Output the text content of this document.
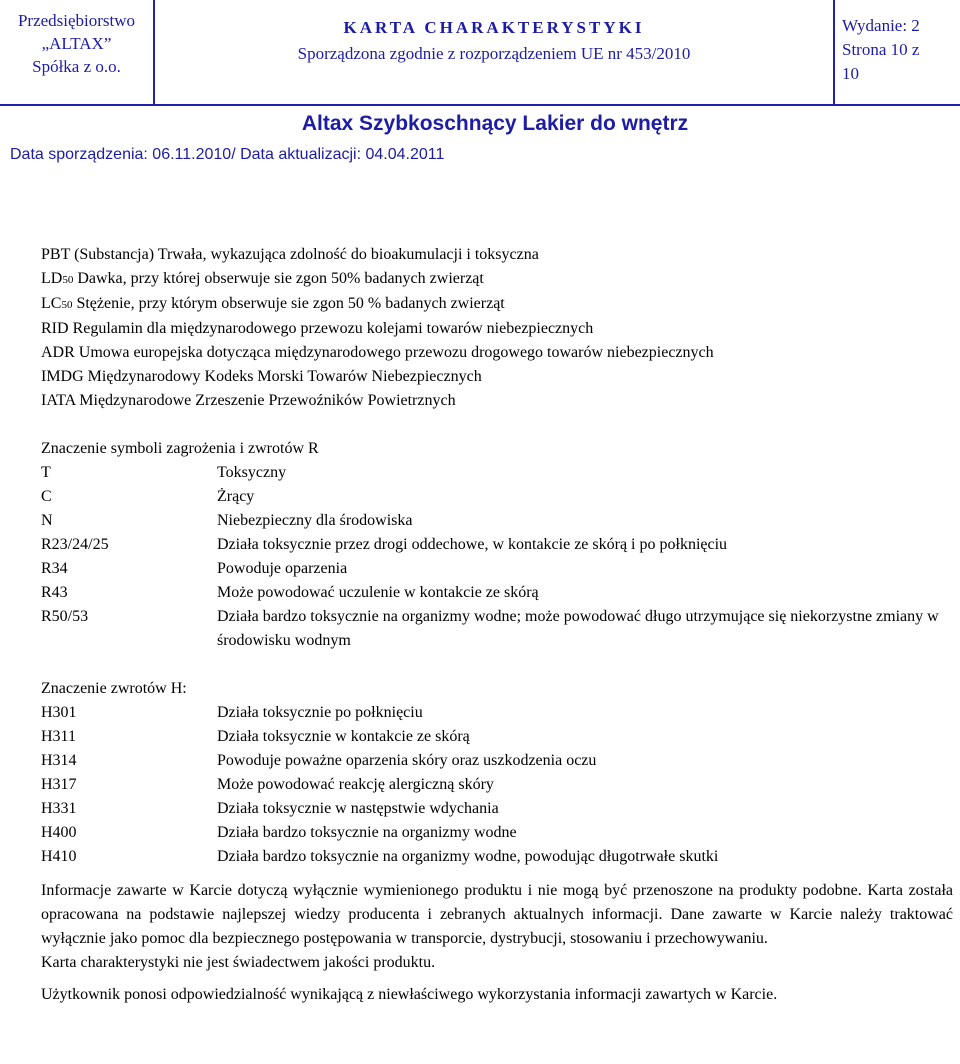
Przedsiębiorstwo
„ALTAX”
Spółka z o.o.
KARTA CHARAKTERYSTYKI
Sporządzona zgodnie z rozporządzeniem UE nr 453/2010
Wydanie: 2
Strona 10 z
10
Altax Szybkoschnący Lakier do wnętrz
Data sporządzenia: 06.11.2010/ Data aktualizacji: 04.04.2011
PBT (Substancja) Trwała, wykazująca zdolność do bioakumulacji i toksyczna
LD50 Dawka, przy której obserwuje sie zgon 50% badanych zwierząt
LC50 Stężenie, przy którym obserwuje sie zgon 50 % badanych zwierząt
RID Regulamin dla międzynarodowego przewozu kolejami towarów niebezpiecznych
ADR Umowa europejska dotycząca międzynarodowego przewozu drogowego towarów niebezpiecznych
IMDG Międzynarodowy Kodeks Morski Towarów Niebezpiecznych
IATA Międzynarodowe Zrzeszenie Przewoźników Powietrznych
Znaczenie symboli zagrożenia i zwrotów R
T	Toksyczny
C	Żrący
N	Niebezpieczny dla środowiska
R23/24/25	Działa toksycznie przez drogi oddechowe, w kontakcie ze skórą i po połknięciu
R34	Powoduje oparzenia
R43	Może powodować uczulenie w kontakcie ze skórą
R50/53	Działa bardzo toksycznie na organizmy wodne; może powodować długo utrzymujące się niekorzystne zmiany w środowisku wodnym
Znaczenie zwrotów H:
H301	Działa toksycznie po połknięciu
H311	Działa toksycznie w kontakcie ze skórą
H314	Powoduje poważne oparzenia skóry oraz uszkodzenia oczu
H317	Może powodować reakcję alergiczną skóry
H331	Działa toksycznie w następstwie wdychania
H400	Działa bardzo toksycznie na organizmy wodne
H410	Działa bardzo toksycznie na organizmy wodne, powodując długotrwałe skutki
Informacje zawarte w Karcie dotyczą wyłącznie wymienionego produktu i nie mogą być przenoszone na produkty podobne. Karta została opracowana na podstawie najlepszej wiedzy producenta i zebranych aktualnych informacji. Dane zawarte w Karcie należy traktować wyłącznie jako pomoc dla bezpiecznego postępowania w transporcie, dystrybucji, stosowaniu i przechowywaniu.
Karta charakterystyki nie jest świadectwem jakości produktu.
Użytkownik ponosi odpowiedzialność wynikającą z niewłaściwego wykorzystania informacji zawartych w Karcie.
